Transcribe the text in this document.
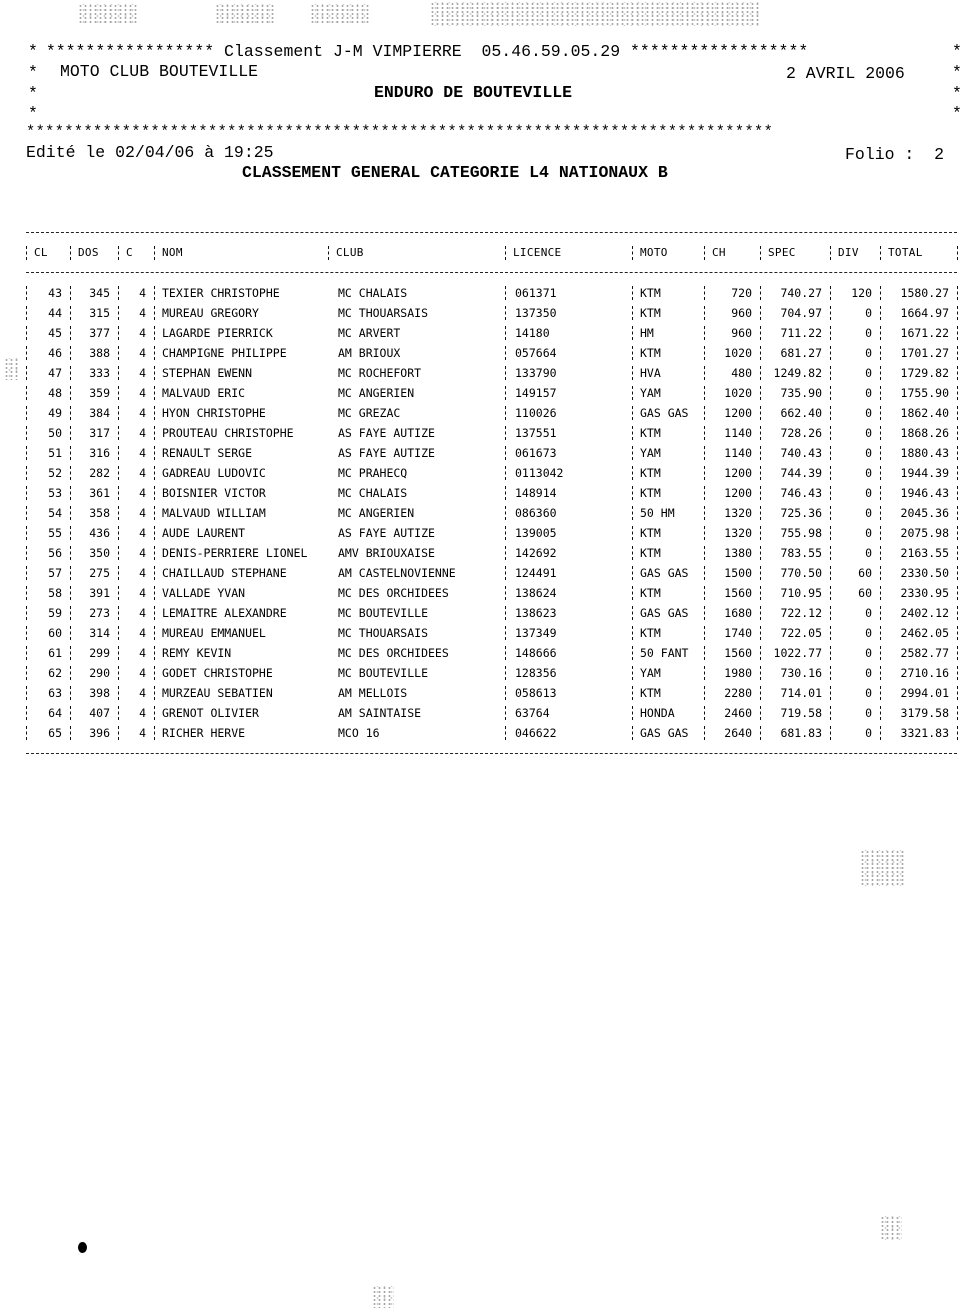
***************** Classement J-M VIMPIERRE  05.46.59.05.29 ******************

*	*
* MOTO CLUB BOUTEVILLE	2 AVRIL 2006	*
*	ENDURO DE BOUTEVILLE	*
*	*
******************************************************************************
Edité le 02/04/06 à 19:25	Folio :  2
CLASSEMENT GENERAL CATEGORIE L4 NATIONAUX B
CL	DOS C	NOM	CLUB	LICENCE	MOTO	CH	SPEC	DIV	TOTAL
43	345	4 TEXIER CHRISTOPHE	MC CHALAIS	061371	KTM	720	740.27	120	1580.27
44	315	4 MUREAU GREGORY	MC THOUARSAIS	137350	KTM	960	704.97	0	1664.97
45	377	4 LAGARDE PIERRICK	MC ARVERT	14180	HM	960	711.22	0	1671.22
46	388	4 CHAMPIGNE PHILIPPE	AM BRIOUX	057664	KTM	1020	681.27	0	1701.27
47	333	4 STEPHAN EWENN	MC ROCHEFORT	133790	HVA	480	1249.82	0	1729.82
48	359	4 MALVAUD ERIC	MC ANGERIEN	149157	YAM	1020	735.90	0	1755.90
49	384	4 HYON CHRISTOPHE	MC GREZAC	110026	GAS GAS	1200	662.40	0	1862.40
50	317	4 PROUTEAU CHRISTOPHE	AS FAYE AUTIZE	137551	KTM	1140	728.26	0	1868.26
51	316	4 RENAULT SERGE	AS FAYE AUTIZE	061673	YAM	1140	740.43	0	1880.43
52	282	4 GADREAU LUDOVIC	MC PRAHECQ	0113042	KTM	1200	744.39	0	1944.39
53	361	4 BOISNIER VICTOR	MC CHALAIS	148914	KTM	1200	746.43	0	1946.43
54	358	4 MALVAUD WILLIAM	MC ANGERIEN	086360	50 HM	1320	725.36	0	2045.36
55	436	4 AUDE LAURENT	AS FAYE AUTIZE	139005	KTM	1320	755.98	0	2075.98
56	350	4 DENIS-PERRIERE LIONEL	AMV BRIOUXAISE	142692	KTM	1380	783.55	0	2163.55
57	275	4 CHAILLAUD STEPHANE	AM CASTELNOVIENNE	124491	GAS GAS	1500	770.50	60	2330.50
58	391	4 VALLADE YVAN	MC DES ORCHIDEES	138624	KTM	1560	710.95	60	2330.95
59	273	4 LEMAITRE ALEXANDRE	MC BOUTEVILLE	138623	GAS GAS	1680	722.12	0	2402.12
60	314	4 MUREAU EMMANUEL	MC THOUARSAIS	137349	KTM	1740	722.05	0	2462.05
61	299	4 REMY KEVIN	MC DES ORCHIDEES	148666	50 FANT	1560	1022.77	0	2582.77
62	290	4 GODET CHRISTOPHE	MC BOUTEVILLE	128356	YAM	1980	730.16	0	2710.16
63	398	4 MURZEAU SEBATIEN	AM MELLOIS	058613	KTM	2280	714.01	0	2994.01
64	407	4 GRENOT OLIVIER	AM SAINTAISE	63764	HONDA	2460	719.58	0	3179.58
65	396	4 RICHER HERVE	MCO 16	046622	GAS GAS	2640	681.83	0	3321.83
